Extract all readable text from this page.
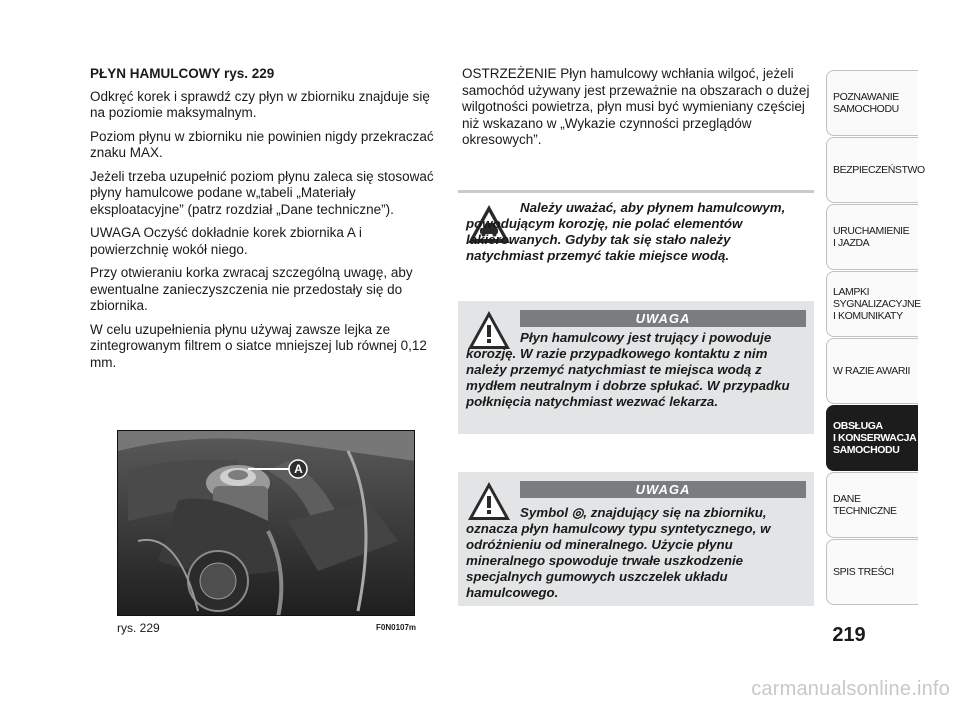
PŁYN HAMULCOWY rys. 229

Odkręć korek i sprawdź czy płyn w zbiorniku znajduje się na poziomie maksymalnym.

Poziom płynu w zbiorniku nie powinien nigdy przekraczać znaku MAX.

Jeżeli trzeba uzupełnić poziom płynu zaleca się stosować płyny hamulcowe podane w„tabeli „Materiały eksploatacyjne” (patrz rozdział „Dane techniczne”).

UWAGA Oczyść dokładnie korek zbiornika A i powierzchnię wokół niego.

Przy otwieraniu korka zwracaj szczególną uwagę, aby ewentualne zanieczyszczenia nie przedostały się do zbiornika.

W celu uzupełnienia płynu używaj zawsze lejka ze zintegrowanym filtrem o siatce mniejszej lub równej 0,12 mm.

OSTRZEŻENIE Płyn hamulcowy wchłania wilgoć, jeżeli samochód używany jest przeważnie na obszarach o dużej wilgotności powietrza, płyn musi być wymieniany częściej niż wskazano w „Wykazie czynności przeglądów okresowych”.

Należy uważać, aby płynem hamulcowym, powodującym korozję, nie polać elementów lakierowanych. Gdyby tak się stało należy natychmiast przemyć takie miejsce wodą.

UWAGA

Płyn hamulcowy jest trujący i powoduje korozję. W razie przypadkowego kontaktu z nim należy przemyć natychmiast te miejsca wodą z mydłem neutralnym i dobrze spłukać. W przypadku połknięcia natychmiast wezwać lekarza.

UWAGA

Symbol ◎, znajdujący się na zbiorniku, oznacza płyn hamulcowy typu syntetycznego, w odróżnieniu od mineralnego. Użycie płynu mineralnego spowoduje trwałe uszkodzenie specjalnych gumowych uszczelek układu hamulcowego.

A
rys. 229	F0N0107m
POZNAWANIE
SAMOCHODU
BEZPIECZEŃSTWO
URUCHAMIENIE
I JAZDA
LAMPKI
SYGNALIZACYJNE
I KOMUNIKATY
W RAZIE AWARII
OBSŁUGA
I KONSERWACJA
SAMOCHODU
DANE TECHNICZNE
SPIS TREŚCI
219
carmanualsonline.info
